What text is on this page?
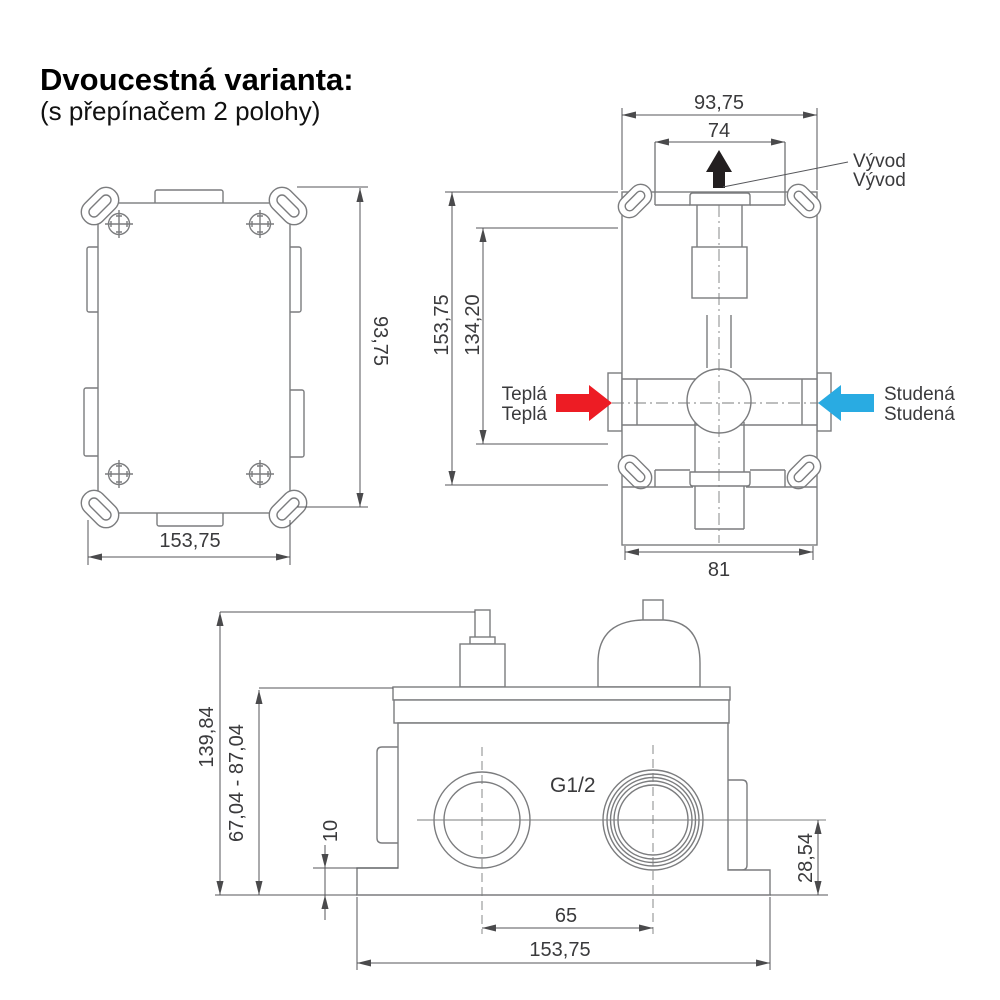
Dvoucestná varianta:
(s přepínačem 2 polohy)
93,75
153,75
Vývod
Vývod
Teplá
Teplá
Studená
Studená
93,75
74
153,75 134,20
81
G1/2
139,84 67,04 - 87,04	10
65
153,75
28,54
